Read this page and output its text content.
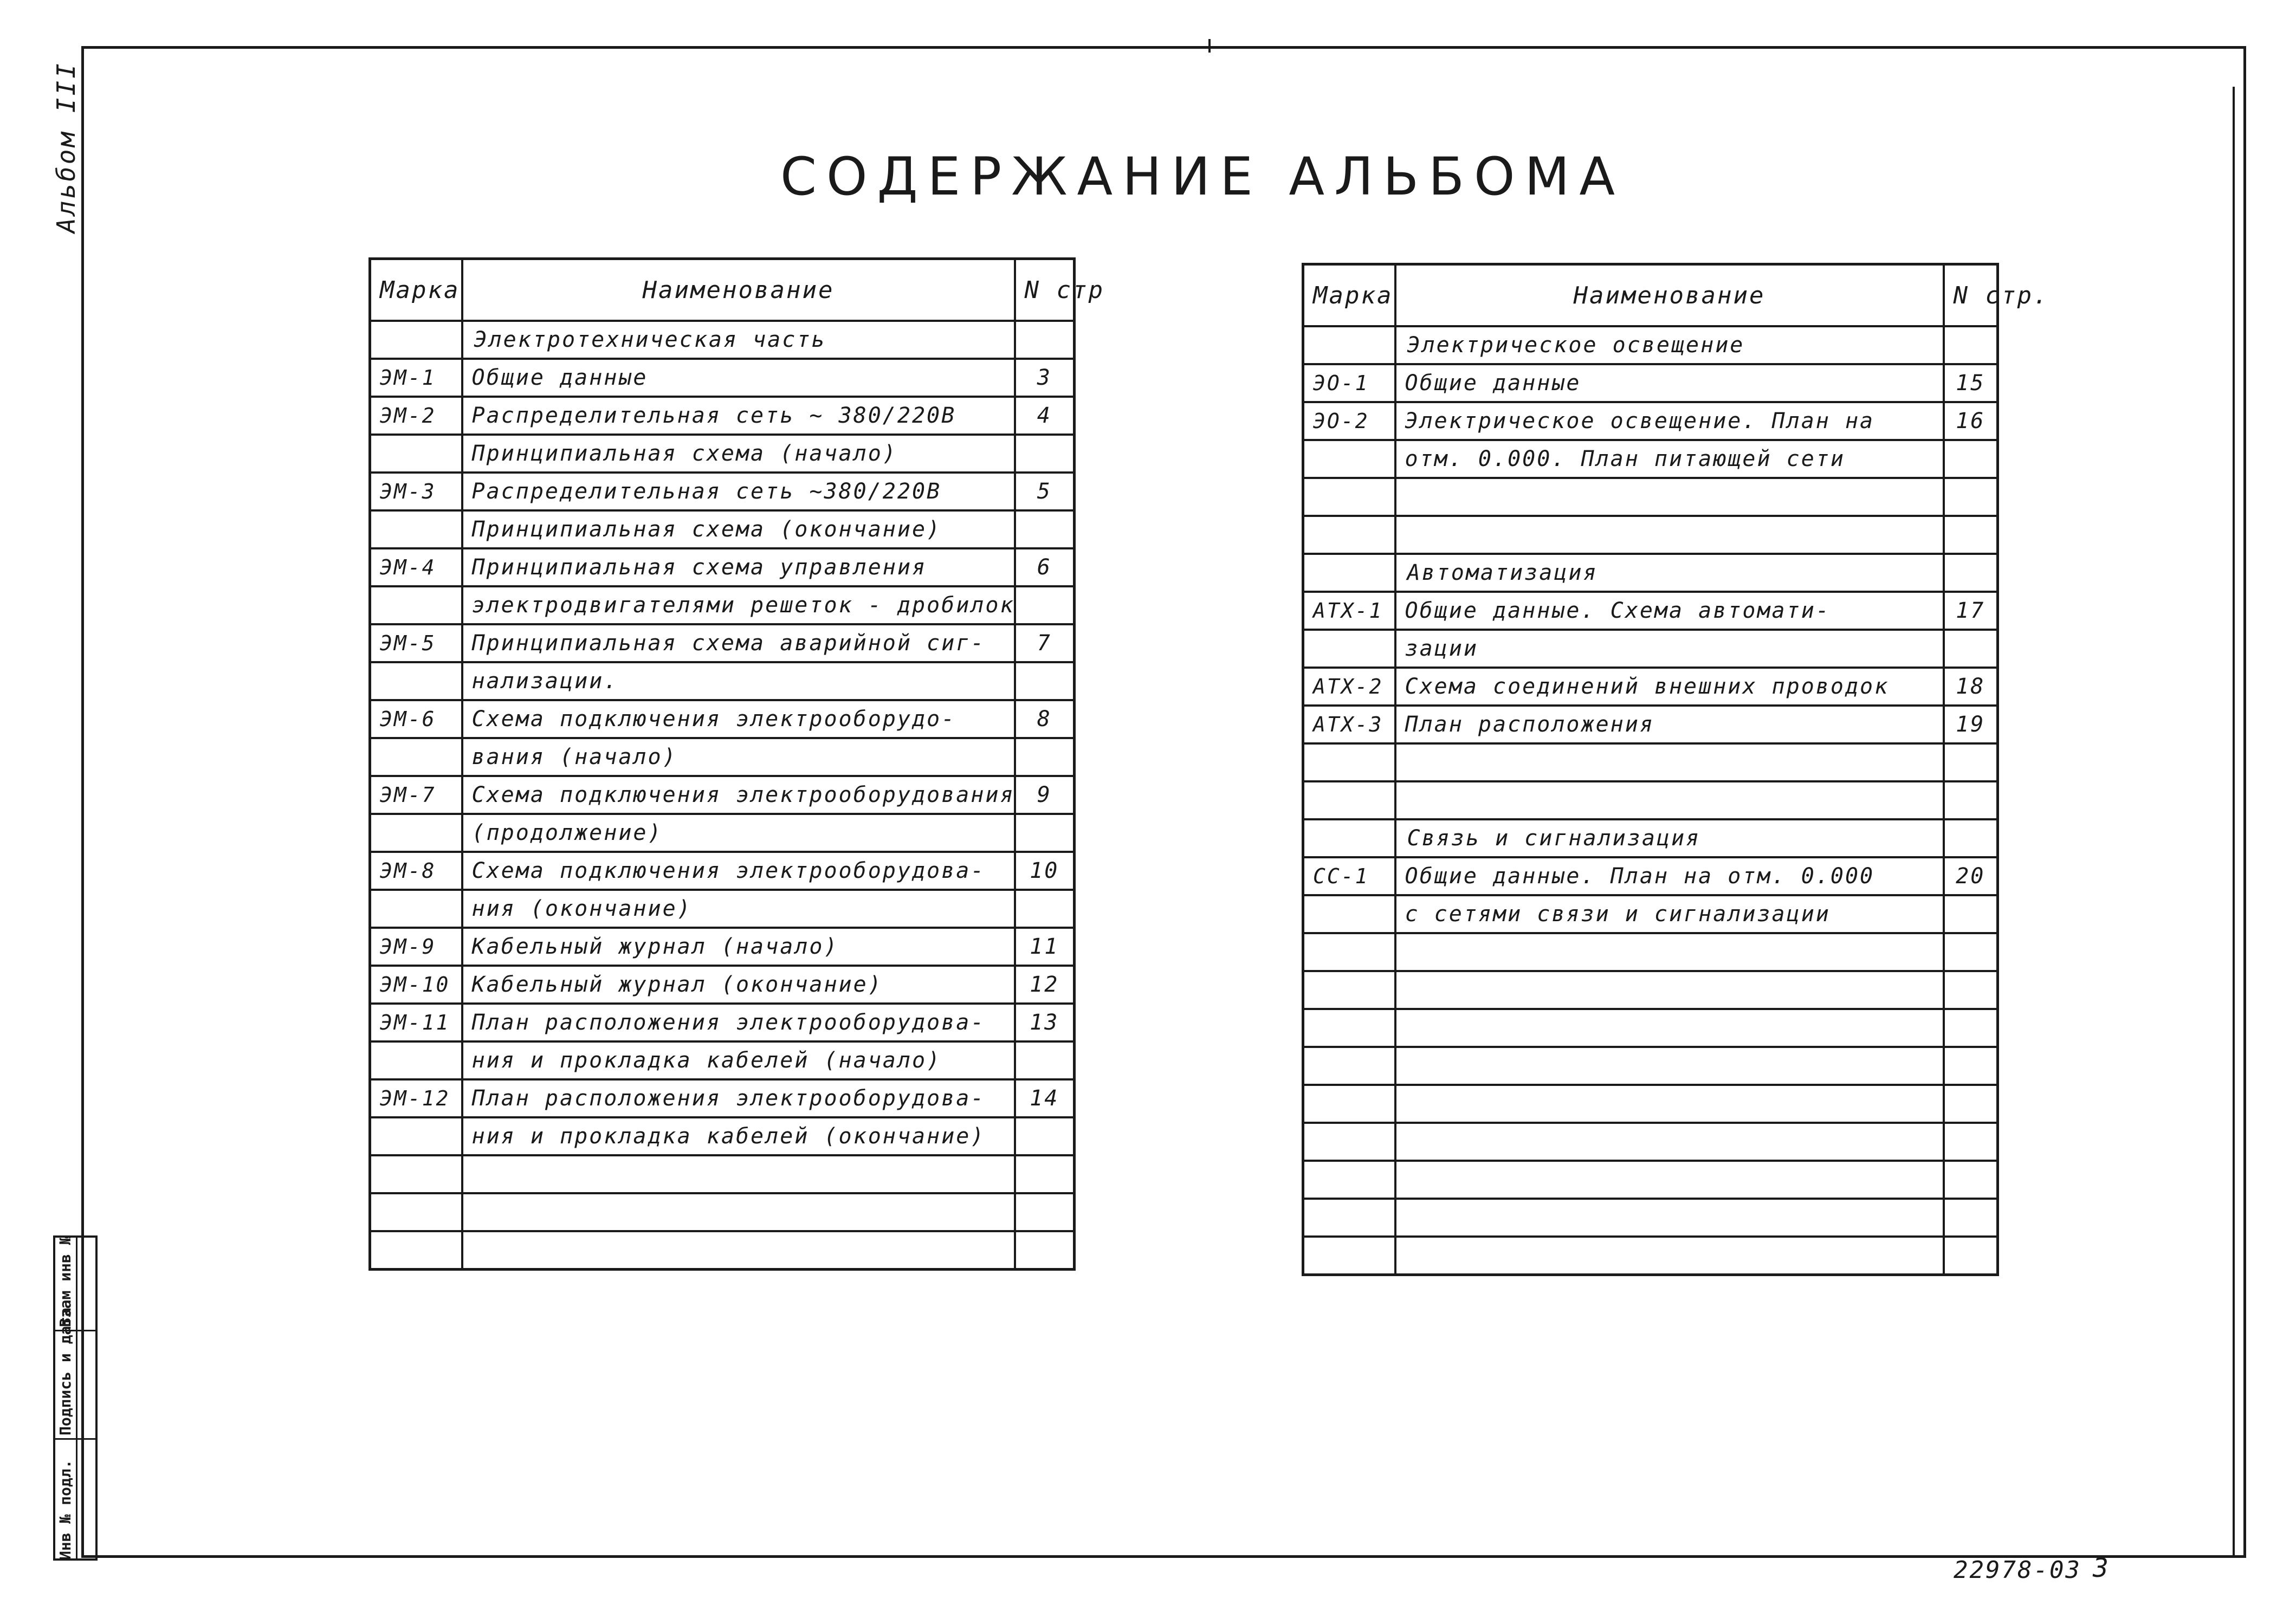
Альбом III
Инв № подл.
Подпись и дата
Взам инв №
СОДЕРЖАНИЕ АЛЬБОМА
Марка	Наименование	N стр
	Электротехническая часть	
ЭМ-1	Общие данные	3
ЭМ-2	Распределительная сеть ~ 380/220В	4
	Принципиальная схема (начало)	
ЭМ-3	Распределительная сеть ~380/220В	5
	Принципиальная схема (окончание)	
ЭМ-4	Принципиальная схема управления	6
	электродвигателями решеток - дробилок	
ЭМ-5	Принципиальная схема аварийной сиг-	7
	нализации.	
ЭМ-6	Схема подключения электрооборудо-	8
	вания (начало)	
ЭМ-7	Схема подключения электрооборудования	9
	(продолжение)	
ЭМ-8	Схема подключения электрооборудова-	10
	ния (окончание)	
ЭМ-9	Кабельный журнал (начало)	11
ЭМ-10	Кабельный журнал (окончание)	12
ЭМ-11	План расположения электрооборудова-	13
	ния и прокладка кабелей (начало)	
ЭМ-12	План расположения электрооборудова-	14
	ния и прокладка кабелей (окончание)	

Марка	Наименование	N стр.
	Электрическое освещение	
ЭО-1	Общие данные	15
ЭО-2	Электрическое освещение. План на	16
	отм. 0.000. План питающей сети	

	Автоматизация	
АТХ-1	Общие данные. Схема автомати-	17
	зации	
АТХ-2	Схема соединений внешних проводок	18
АТХ-3	План расположения	19

	Связь и сигнализация	
СС-1	Общие данные. План на отм. 0.000	20
	с сетями связи и сигнализации	

22978-03 3
